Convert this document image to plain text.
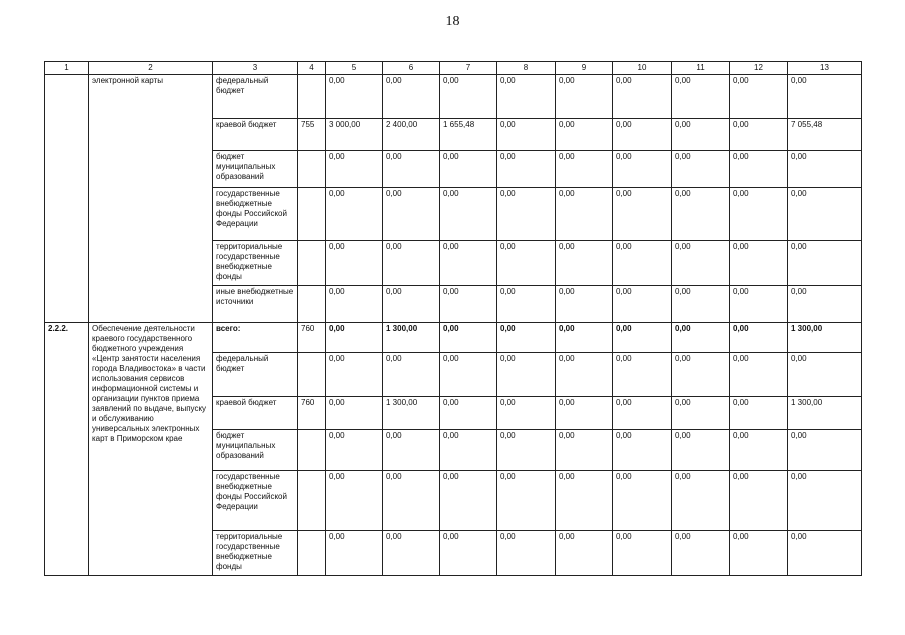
18
1	2	3	4	5	6	7	8	9	10	11	12	13
	электронной карты	федеральный бюджет		0,00	0,00	0,00	0,00	0,00	0,00	0,00	0,00	0,00
		краевой бюджет	755	3 000,00	2 400,00	1 655,48	0,00	0,00	0,00	0,00	0,00	7 055,48
		бюджет муниципальных образований		0,00	0,00	0,00	0,00	0,00	0,00	0,00	0,00	0,00
		государственные внебюджетные фонды Российской Федерации		0,00	0,00	0,00	0,00	0,00	0,00	0,00	0,00	0,00
		территориальные государственные внебюджетные фонды		0,00	0,00	0,00	0,00	0,00	0,00	0,00	0,00	0,00
		иные внебюджетные источники		0,00	0,00	0,00	0,00	0,00	0,00	0,00	0,00	0,00
2.2.2.	Обеспечение деятельности краевого государственного бюджетного учреждения «Центр занятости населения города Владивостока» в части использования сервисов информационной системы и организации пунктов приема заявлений по выдаче, выпуску и обслуживанию универсальных электронных карт в Приморском крае	всего:	760	0,00	1 300,00	0,00	0,00	0,00	0,00	0,00	0,00	1 300,00
		федеральный бюджет		0,00	0,00	0,00	0,00	0,00	0,00	0,00	0,00	0,00
		краевой бюджет	760	0,00	1 300,00	0,00	0,00	0,00	0,00	0,00	0,00	1 300,00
		бюджет муниципальных образований		0,00	0,00	0,00	0,00	0,00	0,00	0,00	0,00	0,00
		государственные внебюджетные фонды Российской Федерации		0,00	0,00	0,00	0,00	0,00	0,00	0,00	0,00	0,00
		территориальные государственные внебюджетные фонды		0,00	0,00	0,00	0,00	0,00	0,00	0,00	0,00	0,00
